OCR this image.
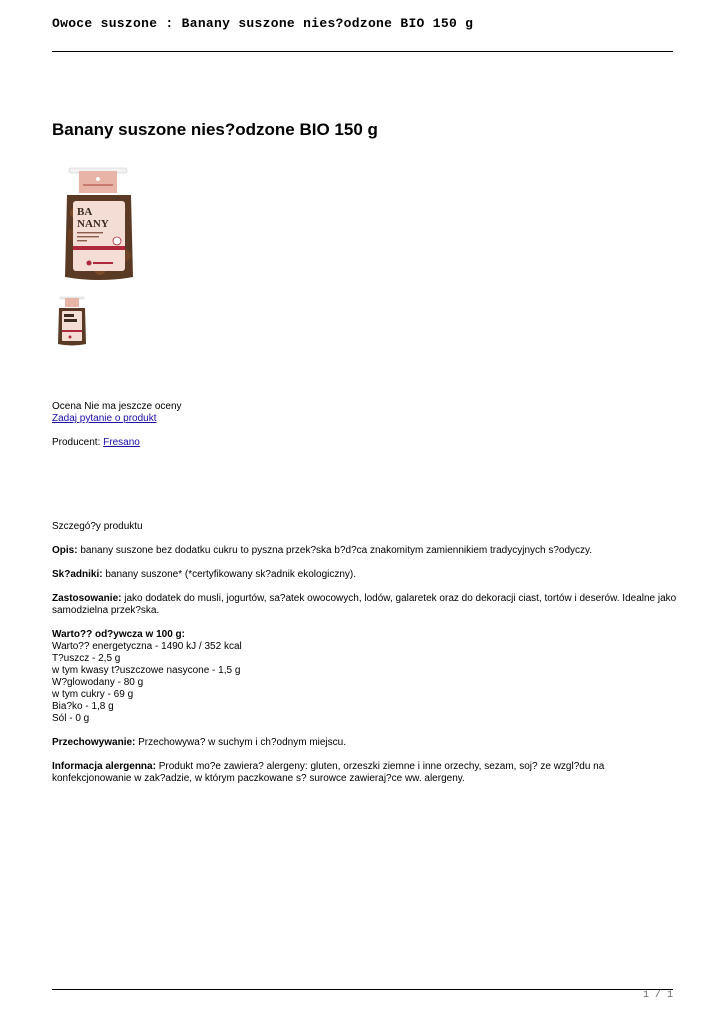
Owoce suszone : Banany suszone nies?odzone BIO 150 g
Banany suszone nies?odzone BIO 150 g
BA
NANY
Ocena Nie ma jeszcze oceny
Zadaj pytanie o produkt
Producent: Fresano

Szczegó?y produktu

Opis: banany suszone bez dodatku cukru to pyszna przek?ska b?d?ca znakomitym zamiennikiem tradycyjnych s?odyczy.

Sk?adniki: banany suszone* (*certyfikowany sk?adnik ekologiczny).

Zastosowanie: jako dodatek do musli, jogurtów, sa?atek owocowych, lodów, galaretek oraz do dekoracji ciast, tortów i deserów. Idealne jako samodzielna przek?ska.

Warto?? od?ywcza w 100 g:
Warto?? energetyczna - 1490 kJ / 352 kcal
T?uszcz - 2,5 g
w tym kwasy t?uszczowe nasycone - 1,5 g
W?glowodany - 80 g
w tym cukry - 69 g
Bia?ko - 1,8 g
Sól - 0 g

Przechowywanie: Przechowywa? w suchym i ch?odnym miejscu.

Informacja alergenna: Produkt mo?e zawiera? alergeny: gluten, orzeszki ziemne i inne orzechy, sezam, soj? ze wzgl?du na konfekcjonowanie w zak?adzie, w którym paczkowane s? surowce zawieraj?ce ww. alergeny.

1 / 1
